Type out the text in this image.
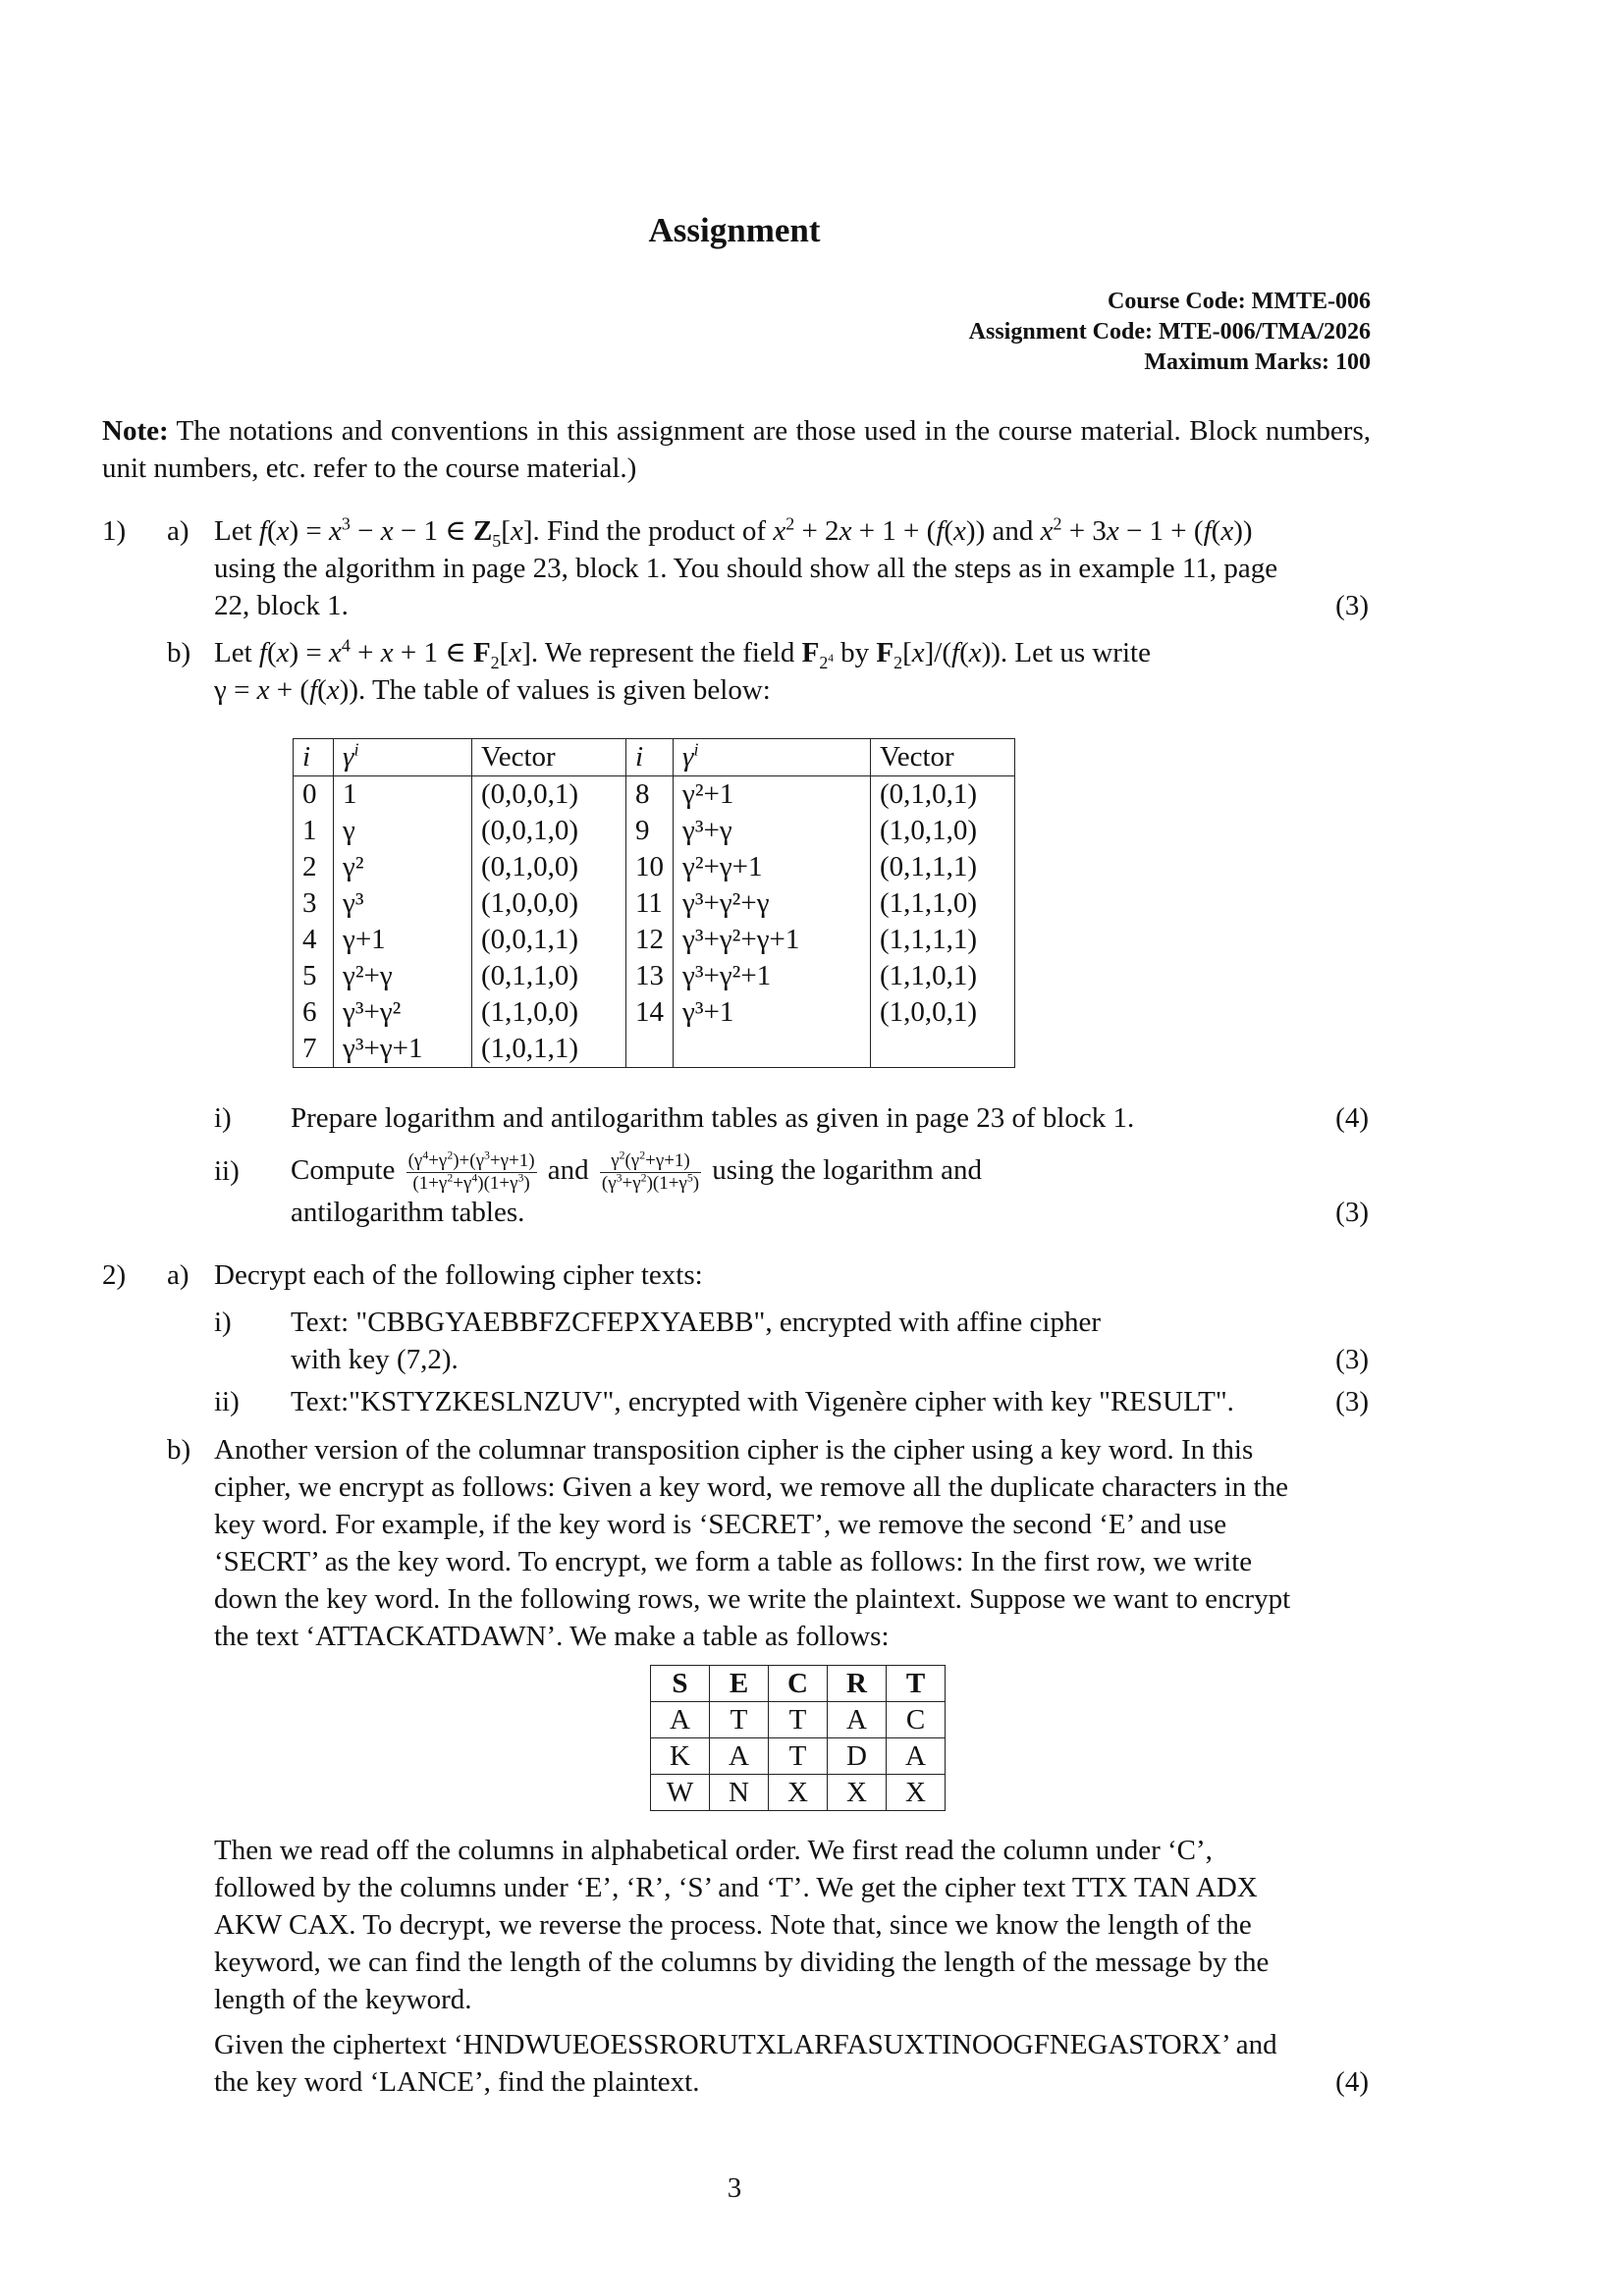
Assignment
Course Code: MMTE-006
Assignment Code: MTE-006/TMA/2026
Maximum Marks: 100
Note: The notations and conventions in this assignment are those used in the course material. Block numbers, unit numbers, etc. refer to the course material.)
1) a) Let $f(x) = x^3 - x - 1$ ∈ $Z_5[x]$. Find the product of $x^2 + 2x + 1 + (f(x))$ and $x^2 + 3x - 1 + (f(x))$
using the algorithm in page 23, block 1. You should show all the steps as in example 11, page
22, block 1.	(3)
b) Let $f(x) = x^4 + x + 1$ ∈ $F_2[x]$. We represent the field $F_{2^4}$ by $F_2[x]/(f(x))$. Let us write
γ = x + (f(x)). The table of values is given below:
i	$\gamma^i$	Vector	i	$\gamma^i$	Vector
0	1	(0,0,0,1)	8	γ²+1	(0,1,0,1)
1	γ	(0,0,1,0)	9	γ³+γ	(1,0,1,0)
2	γ²	(0,1,0,0)	10	γ²+γ+1	(0,1,1,1)
3	γ³	(1,0,0,0)	11	γ³+γ²+γ	(1,1,1,0)
4	γ+1	(0,0,1,1)	12	γ³+γ²+γ+1	(1,1,1,1)
5	γ²+γ	(0,1,1,0)	13	γ³+γ²+1	(1,1,0,1)
6	γ³+γ²	(1,1,0,0)	14	γ³+1	(1,0,0,1)
7	γ³+γ+1	(1,0,1,1)			
i) Prepare logarithm and antilogarithm tables as given in page 23 of block 1.	(4)
ii) Compute $\frac{(\gamma^4+\gamma^2)+(\gamma^3+\gamma+1)}{(1+\gamma^2+\gamma^4)(1+\gamma^3)}$ and $\frac{\gamma^2(\gamma^2+\gamma+1)}{(\gamma^3+\gamma^2)(1+\gamma^5)}$ using the logarithm and
antilogarithm tables.	(3)
2) a) Decrypt each of the following cipher texts:
i) Text: "CBBGYAEBBFZCFEPXYAEBB", encrypted with affine cipher
with key (7,2).	(3)
ii) Text:"KSTYZKESLNZUV", encrypted with Vigenère cipher with key "RESULT".	(3)
b) Another version of the columnar transposition cipher is the cipher using a key word. In this
cipher, we encrypt as follows: Given a key word, we remove all the duplicate characters in the
key word. For example, if the key word is ‘SECRET’, we remove the second ‘E’ and use
‘SECRT’ as the key word. To encrypt, we form a table as follows: In the first row, we write
down the key word. In the following rows, we write the plaintext. Suppose we want to encrypt
the text ‘ATTACKATDAWN’. We make a table as follows:
S	E	C	R	T
A	T	T	A	C
K	A	T	D	A
W	N	X	X	X
Then we read off the columns in alphabetical order. We first read the column under ‘C’,
followed by the columns under ‘E’, ‘R’, ‘S’ and ‘T’. We get the cipher text TTX TAN ADX
AKW CAX. To decrypt, we reverse the process. Note that, since we know the length of the
keyword, we can find the length of the columns by dividing the length of the message by the
length of the keyword.
Given the ciphertext ‘HNDWUEOESSRORUTXLARFASUXTINOOGFNEGASTORX’ and
the key word ‘LANCE’, find the plaintext.	(4)
3
